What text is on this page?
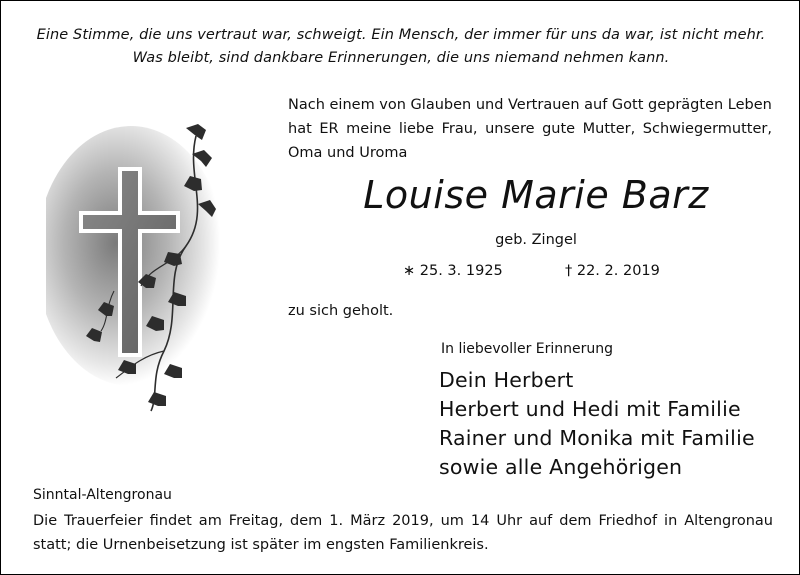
Eine Stimme, die uns vertraut war, schweigt. Ein Mensch, der immer für uns da war, ist nicht mehr.
Was bleibt, sind dankbare Erinnerungen, die uns niemand nehmen kann.
Nach einem von Glauben und Vertrauen auf Gott geprägten Leben
hat ER meine liebe Frau, unsere gute Mutter, Schwiegermutter,
Oma und Uroma
Louise Marie Barz
geb. Zingel
∗ 25. 3. 1925	† 22. 2. 2019
zu sich geholt.
In liebevoller Erinnerung
Dein Herbert
Herbert und Hedi mit Familie
Rainer und Monika mit Familie
sowie alle Angehörigen
Sinntal-Altengronau
Die Trauerfeier findet am Freitag, dem 1. März 2019, um 14 Uhr auf dem Friedhof in Altengronau statt; die Urnenbeisetzung ist später im engsten Familienkreis.
